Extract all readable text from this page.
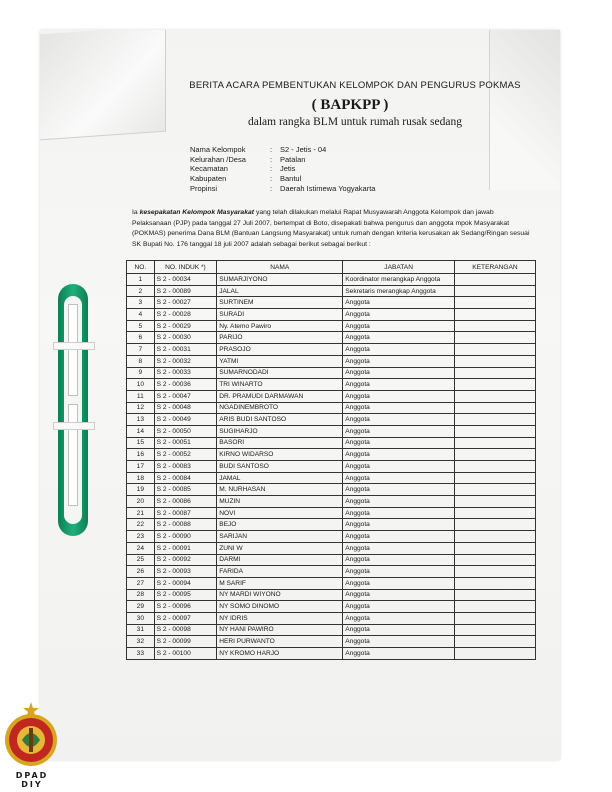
BERITA ACARA PEMBENTUKAN KELOMPOK DAN PENGURUS POKMAS
( BAPKPP )
dalam rangka BLM untuk rumah rusak sedang
Nama Kelompok	:	S2 - Jetis - 04
Kelurahan /Desa	:	Patalan
Kecamatan	:	Jetis
Kabupaten	:	Bantul
Propinsi	:	Daerah Istimewa Yogyakarta
Ia kesepakatan Kelompok Masyarakat yang telah dilakukan melalui Rapat Musyawarah Anggota Kelompok dan jawab Pelaksanaan (PJP) pada tanggal 27 Juli 2007, bertempat di Boto, disepakati bahwa pengurus dan anggota mpok Masyarakat (POKMAS) penerima Dana BLM (Bantuan Langsung Masyarakat) untuk rumah dengan kriteria kerusakan ak Sedang/Ringan sesuai SK Bupati No. 176 tanggal 18 juli 2007 adalah sebagai berikut sebagai berikut :
NO.	NO. INDUK *)	NAMA	JABATAN	KETERANGAN
1	S 2 - 00034	SUMARJIYONO	Koordinator merangkap Anggota	
2	S 2 - 00089	JALAL	Sekretaris merangkap Anggota	
3	S 2 - 00027	SURTINEM	Anggota	
4	S 2 - 00028	SURADI	Anggota	
5	S 2 - 00029	Ny. Atemo Pawiro	Anggota	
6	S 2 - 00030	PARIJO	Anggota	
7	S 2 - 00031	PRASOJO	Anggota	
8	S 2 - 00032	YATMI	Anggota	
9	S 2 - 00033	SUMARNODADI	Anggota	
10	S 2 - 00036	TRI WINARTO	Anggota	
11	S 2 - 00047	DR. PRAMUDI DARMAWAN	Anggota	
12	S 2 - 00048	NGADINEMBROTO	Anggota	
13	S 2 - 00049	ARIS BUDI SANTOSO	Anggota	
14	S 2 - 00050	SUGIHARJO	Anggota	
15	S 2 - 00051	BASORI	Anggota	
16	S 2 - 00052	KIRNO WIDARSO	Anggota	
17	S 2 - 00083	BUDI SANTOSO	Anggota	
18	S 2 - 00084	JAMAL	Anggota	
19	S 2 - 00085	M. NURHASAN	Anggota	
20	S 2 - 00086	MUZIN	Anggota	
21	S 2 - 00087	NOVI	Anggota	
22	S 2 - 00088	BEJO	Anggota	
23	S 2 - 00090	SARIJAN	Anggota	
24	S 2 - 00091	ZUNI W	Anggota	
25	S 2 - 00092	DARMI	Anggota	
26	S 2 - 00093	FARIDA	Anggota	
27	S 2 - 00094	M SARIF	Anggota	
28	S 2 - 00095	NY MARDI WIYONO	Anggota	
29	S 2 - 00096	NY SOMO DINOMO	Anggota	
30	S 2 - 00097	NY IDRIS	Anggota	
31	S 2 - 00098	NY HANI PAWIRO	Anggota	
32	S 2 - 00099	HERI PURWANTO	Anggota	
33	S 2 - 00100	NY KROMO HARJO	Anggota	
DPAD
DIY
